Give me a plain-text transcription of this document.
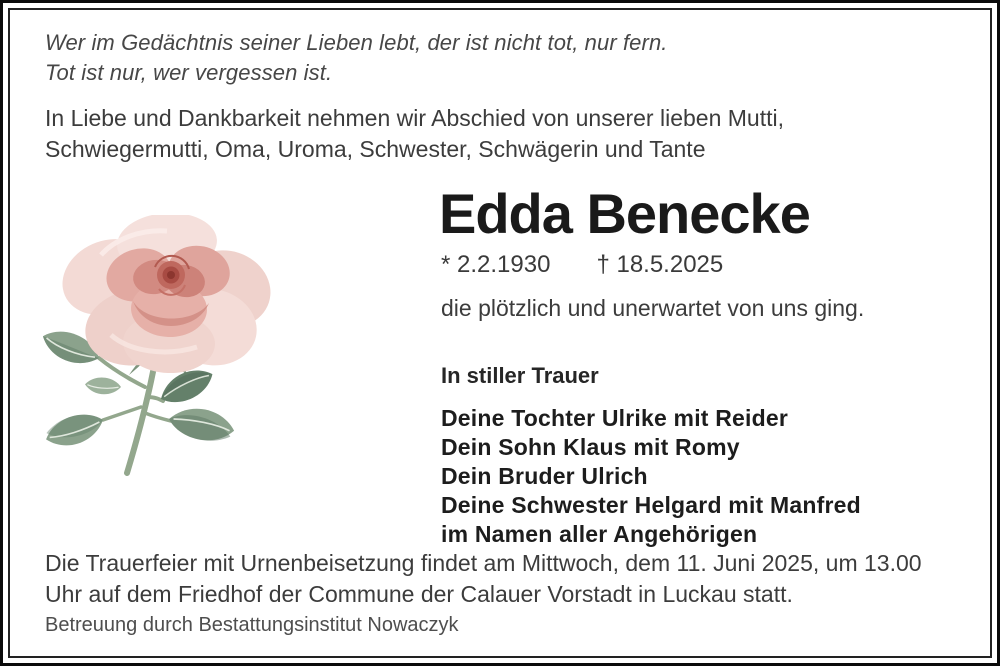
Wer im Gedächtnis seiner Lieben lebt, der ist nicht tot, nur fern.
Tot ist nur, wer vergessen ist.
In Liebe und Dankbarkeit nehmen wir Abschied von unserer lieben Mutti, Schwiegermutti, Oma, Uroma, Schwester, Schwägerin und Tante
Edda Benecke
* 2.2.1930 † 18.5.2025
die plötzlich und unerwartet von uns ging.
In stiller Trauer
Deine Tochter Ulrike mit Reider
Dein Sohn Klaus mit Romy
Dein Bruder Ulrich
Deine Schwester Helgard mit Manfred
im Namen aller Angehörigen
Die Trauerfeier mit Urnenbeisetzung findet am Mittwoch, dem 11. Juni 2025, um 13.00 Uhr auf dem Friedhof der Commune der Calauer Vorstadt in Luckau statt.
Betreuung durch Bestattungsinstitut Nowaczyk
